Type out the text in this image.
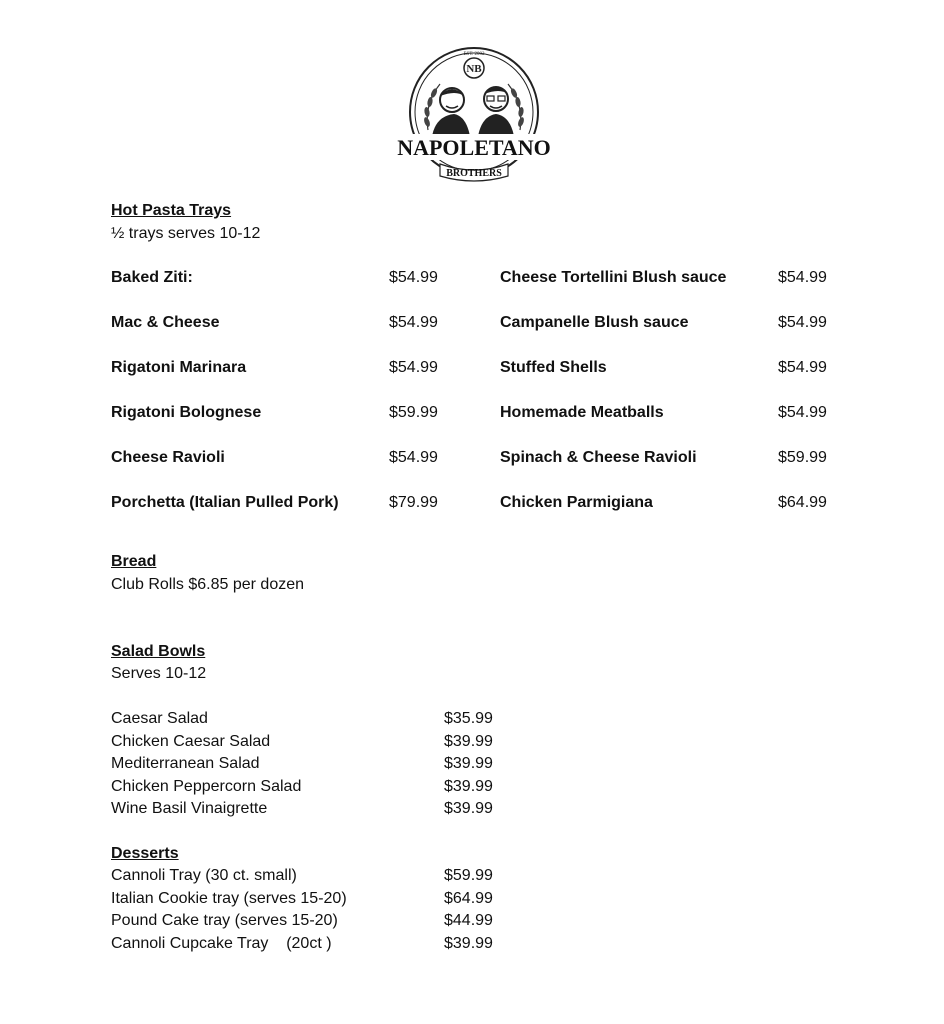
NB
EST. 2002
NAPOLETANO
BROTHERS
Hot Pasta Trays
½ trays serves 10-12
Baked Ziti:	$54.99
Mac & Cheese	$54.99
Rigatoni Marinara	$54.99
Rigatoni Bolognese	$59.99
Cheese Ravioli	$54.99
Porchetta (Italian Pulled Pork)	$79.99
Cheese Tortellini Blush sauce	$54.99
Campanelle Blush sauce	$54.99
Stuffed Shells	$54.99
Homemade Meatballs	$54.99
Spinach & Cheese Ravioli	$59.99
Chicken Parmigiana	$64.99
Bread
Club Rolls $6.85 per dozen
Salad Bowls
Serves 10-12
Caesar Salad	$35.99
Chicken Caesar Salad	$39.99
Mediterranean Salad	$39.99
Chicken Peppercorn Salad	$39.99
Wine Basil Vinaigrette	$39.99
Desserts
Cannoli Tray (30 ct. small)	$59.99
Italian Cookie tray (serves 15-20)	$64.99
Pound Cake tray (serves 15-20)	$44.99
Cannoli Cupcake Tray    (20ct )	$39.99
